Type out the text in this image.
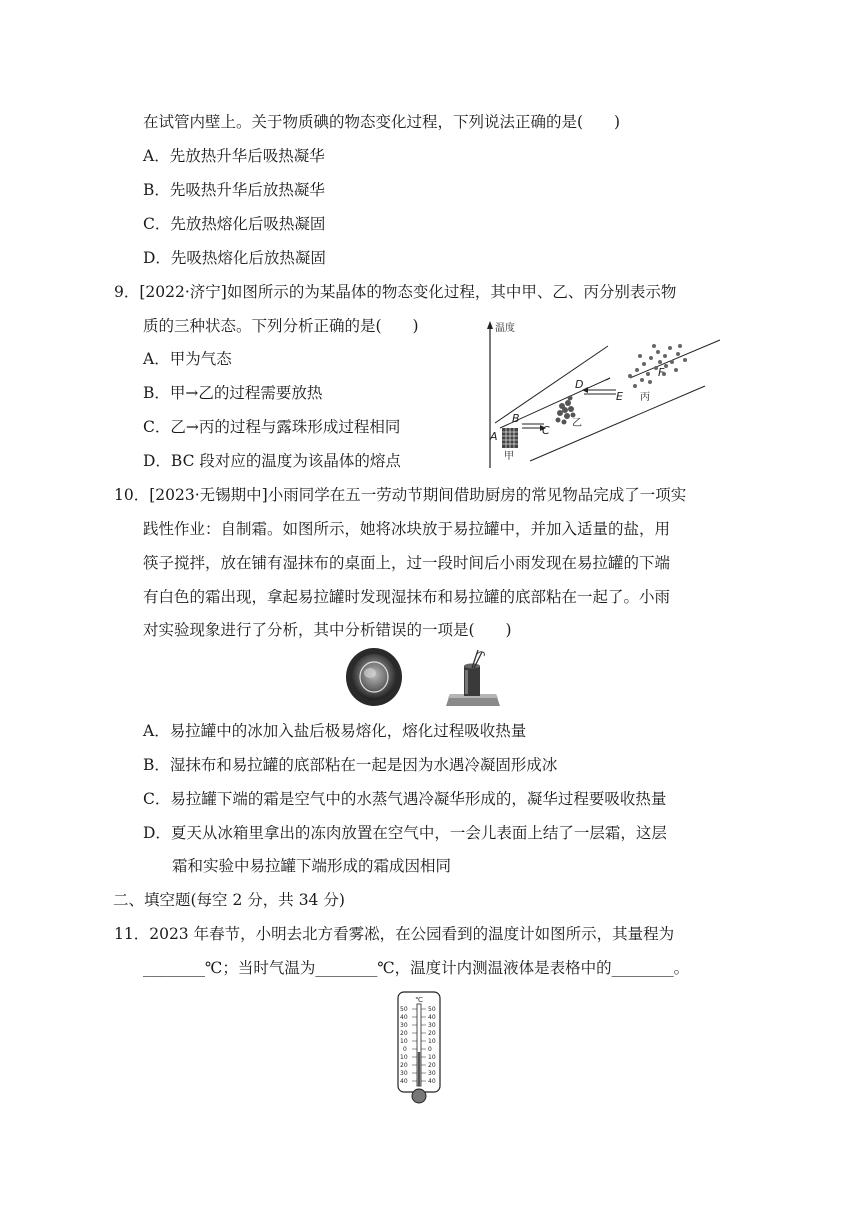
在试管内壁上。关于物质碘的物态变化过程，下列说法正确的是(　　)
A．先放热升华后吸热凝华
B．先吸热升华后放热凝华
C．先放热熔化后吸热凝固
D．先吸热熔化后放热凝固
9．[2022·济宁]如图所示的为某晶体的物态变化过程，其中甲、乙、丙分别表示物
质的三种状态。下列分析正确的是(　　)
A．甲为气态
B．甲→乙的过程需要放热
C．乙→丙的过程与露珠形成过程相同
D．BC 段对应的温度为该晶体的熔点
温度
A
甲
B
C
乙
D
E
F
丙
10．[2023·无锡期中]小雨同学在五一劳动节期间借助厨房的常见物品完成了一项实
践性作业：自制霜。如图所示，她将冰块放于易拉罐中，并加入适量的盐，用
筷子搅拌，放在铺有湿抹布的桌面上，过一段时间后小雨发现在易拉罐的下端
有白色的霜出现，拿起易拉罐时发现湿抹布和易拉罐的底部粘在一起了。小雨
对实验现象进行了分析，其中分析错误的一项是(　　)
A．易拉罐中的冰加入盐后极易熔化，熔化过程吸收热量
B．湿抹布和易拉罐的底部粘在一起是因为水遇冷凝固形成冰
C．易拉罐下端的霜是空气中的水蒸气遇冷凝华形成的，凝华过程要吸收热量
D．夏天从冰箱里拿出的冻肉放置在空气中，一会儿表面上结了一层霜，这层
霜和实验中易拉罐下端形成的霜成因相同
二、填空题(每空 2 分，共 34 分)
11．2023 年春节，小明去北方看雾凇，在公园看到的温度计如图所示，其量程为
________℃；当时气温为________℃，温度计内测温液体是表格中的________。
℃
50
40
30
20
10
0
10
20
30
40
50
40
30
20
10
0
10
20
30
40
